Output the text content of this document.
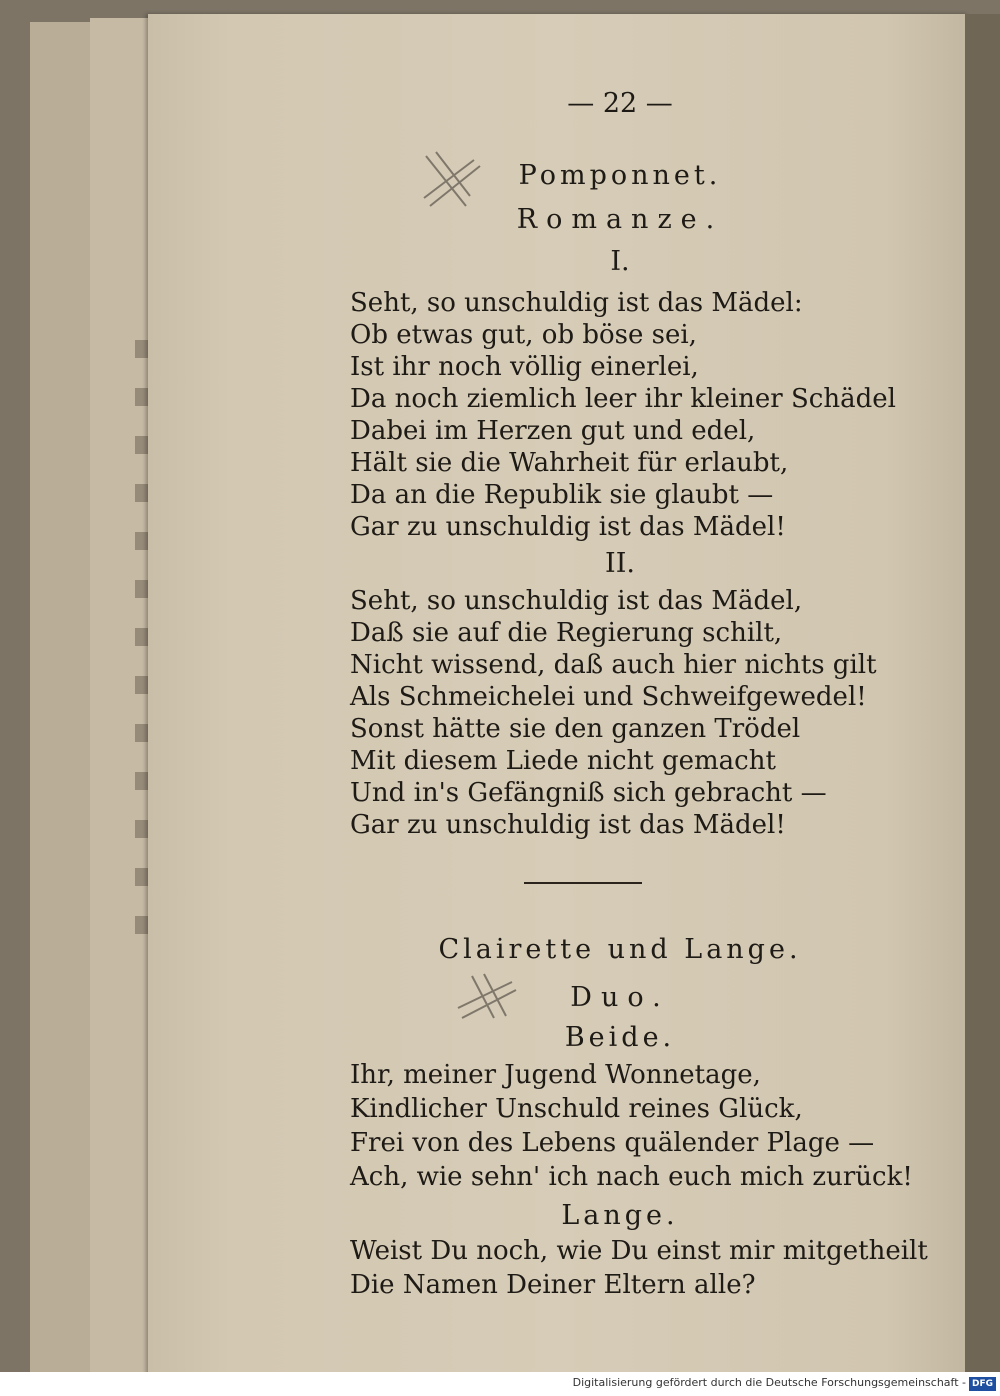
— 22 —
Pomponnet.
Romanze.
I.
Seht, so unschuldig ist das Mädel:
Ob etwas gut, ob böse sei,
Ist ihr noch völlig einerlei,
Da noch ziemlich leer ihr kleiner Schädel
Dabei im Herzen gut und edel,
Hält sie die Wahrheit für erlaubt,
Da an die Republik sie glaubt —
Gar zu unschuldig ist das Mädel!
II.
Seht, so unschuldig ist das Mädel,
Daß sie auf die Regierung schilt,
Nicht wissend, daß auch hier nichts gilt
Als Schmeichelei und Schweifgewedel!
Sonst hätte sie den ganzen Trödel
Mit diesem Liede nicht gemacht
Und in's Gefängniß sich gebracht —
Gar zu unschuldig ist das Mädel!
Clairette und Lange.
Duo.
Beide.
Ihr, meiner Jugend Wonnetage,
Kindlicher Unschuld reines Glück,
Frei von des Lebens quälender Plage —
Ach, wie sehn' ich nach euch mich zurück!
Lange.
Weist Du noch, wie Du einst mir mitgetheilt
Die Namen Deiner Eltern alle?
Digitalisierung gefördert durch die Deutsche Forschungsgemeinschaft - DFG
